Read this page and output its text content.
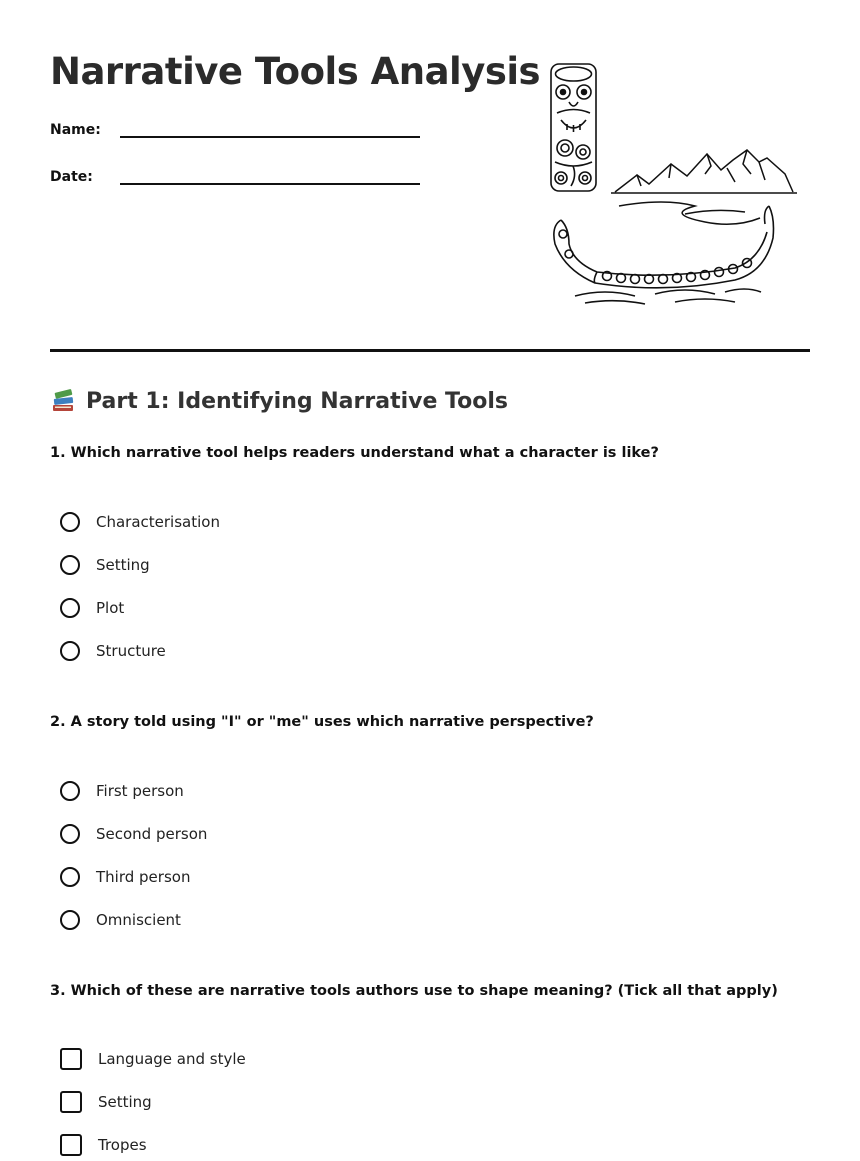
Narrative Tools Analysis
Name:
Date:
Part 1: Identifying Narrative Tools
1. Which narrative tool helps readers understand what a character is like?
Characterisation
Setting
Plot
Structure
2. A story told using "I" or "me" uses which narrative perspective?
First person
Second person
Third person
Omniscient
3. Which of these are narrative tools authors use to shape meaning? (Tick all that apply)
Language and style
Setting
Tropes
